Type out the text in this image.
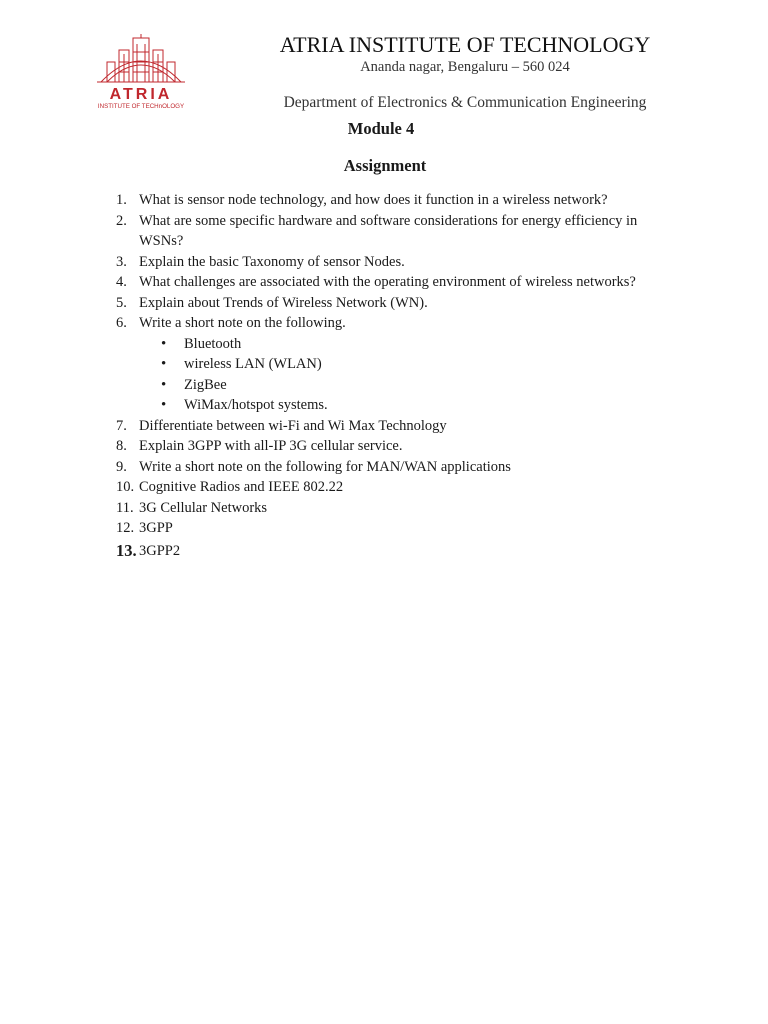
ATRIA
INSTITUTE OF TECHnOLOGY
ATRIA INSTITUTE OF TECHNOLOGY
Ananda nagar, Bengaluru – 560 024
Department of Electronics & Communication Engineering
Module 4
Assignment
1. What is sensor node technology, and how does it function in a wireless network?
2. What are some specific hardware and software considerations for energy efficiency in WSNs?
3. Explain the basic Taxonomy of sensor Nodes.
4. What challenges are associated with the operating environment of wireless networks?
5. Explain about Trends of Wireless Network (WN).
6. Write a short note on the following.
•	Bluetooth
•	wireless LAN (WLAN)
•	ZigBee
•	WiMax/hotspot systems.
7. Differentiate between wi-Fi and Wi Max Technology
8. Explain 3GPP with all-IP 3G cellular service.
9. Write a short note on the following for MAN/WAN applications
10. Cognitive Radios and IEEE 802.22
11. 3G Cellular Networks
12. 3GPP
13. 3GPP2
